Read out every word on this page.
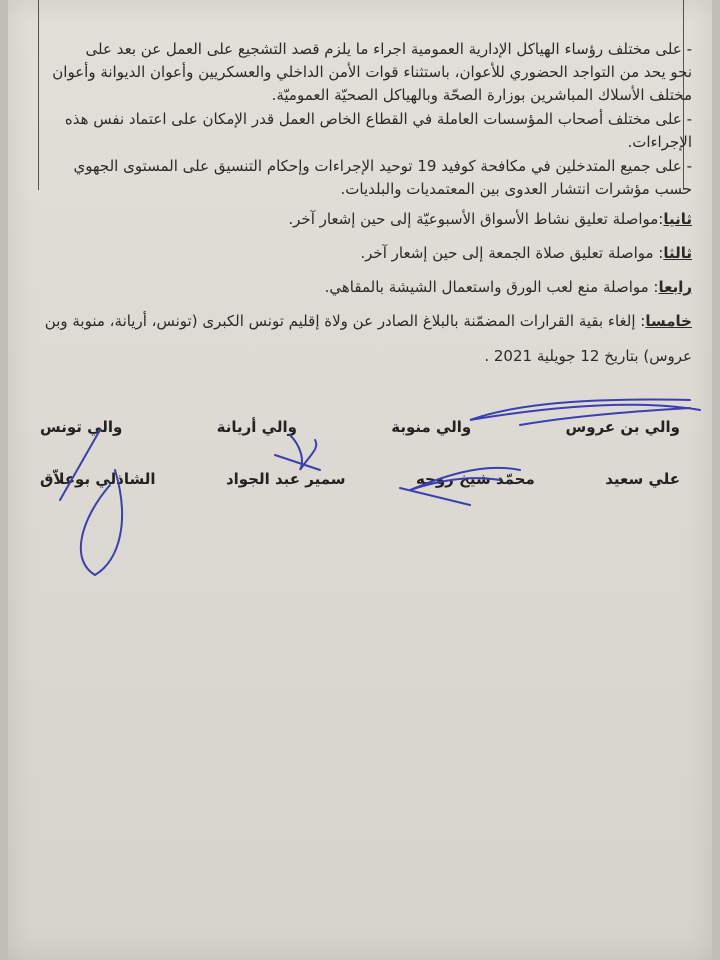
- على مختلف رؤساء الهياكل الإدارية العمومية اجراء ما يلزم قصد التشجيع على العمل عن بعد على
نحو يحد من التواجد الحضوري للأعوان، باستثناء قوات الأمن الداخلي والعسكريين وأعوان الديوانة وأعوان
مختلف الأسلاك المباشرين بوزارة الصحّة وبالهياكل الصحيّة العموميّة.
- على مختلف أصحاب المؤسسات العاملة في القطاع الخاص العمل قدر الإمكان على اعتماد نفس هذه
الإجراءات.
- على جميع المتدخلين في مكافحة كوفيد 19 توحيد الإجراءات وإحكام التنسيق على المستوى الجهوي
حسب مؤشرات انتشار العدوى بين المعتمديات والبلديات.
ثانيا:مواصلة تعليق نشاط الأسواق الأسبوعيّة إلى حين إشعار آخر.
ثالثا: مواصلة تعليق صلاة الجمعة إلى حين إشعار آخر.
رابعا: مواصلة منع لعب الورق واستعمال الشيشة بالمقاهي.
خامسا: إلغاء بقية القرارات المضمّنة بالبلاغ الصادر عن ولاة إقليم تونس الكبرى (تونس، أريانة، منوبة وبن
عروس) بتاريخ 12 جويلية 2021 .
والي تونس	والي أريانة	والي منوبة	والي بن عروس
الشاذلي بوعلاّق	سمير عبد الجواد	محمّد شيخ روحه	علي سعيد
